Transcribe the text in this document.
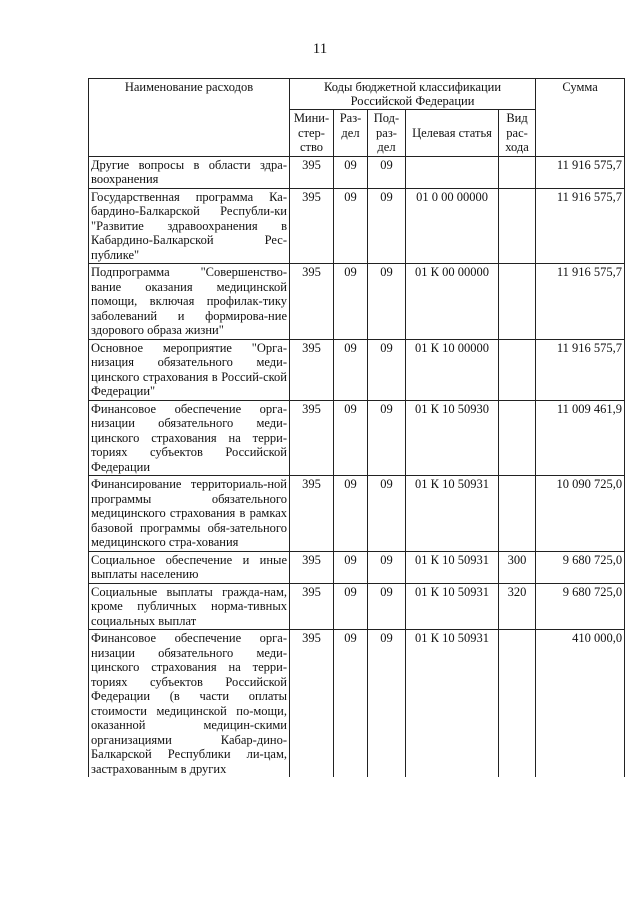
11
Наименование расходов	Коды бюджетной классификации Российской Федерации					Сумма
	Мини-стер-ство	Раз-дел	Под-раз-дел	Целевая статья	Вид рас-хода	
Другие вопросы в области здра-воохранения	395	09	09			11 916 575,7
Государственная программа Ка-бардино-Балкарской Республи-ки "Развитие здравоохранения в Кабардино-Балкарской Рес-публике"	395	09	09	01 0 00 00000		11 916 575,7
Подпрограмма "Совершенство-вание оказания медицинской помощи, включая профилак-тику заболеваний и формирова-ние здорового образа жизни"	395	09	09	01 К 00 00000		11 916 575,7
Основное мероприятие "Орга-низация обязательного меди-цинского страхования в Россий-ской Федерации"	395	09	09	01 К 10 00000		11 916 575,7
Финансовое обеспечение орга-низации обязательного меди-цинского страхования на терри-ториях субъектов Российской Федерации	395	09	09	01 К 10 50930		11 009 461,9
Финансирование территориаль-ной программы обязательного медицинского страхования в рамках базовой программы обя-зательного медицинского стра-хования	395	09	09	01 К 10 50931		10 090 725,0
Социальное обеспечение и иные выплаты населению	395	09	09	01 К 10 50931	300	9 680 725,0
Социальные выплаты гражда-нам, кроме публичных норма-тивных социальных выплат	395	09	09	01 К 10 50931	320	9 680 725,0
Финансовое обеспечение орга-низации обязательного меди-цинского страхования на терри-ториях субъектов Российской Федерации (в части оплаты стоимости медицинской по-мощи, оказанной медицин-скими организациями Кабар-дино-Балкарской Республики ли-цам, застрахованным в других	395	09	09	01 К 10 50931		410 000,0
